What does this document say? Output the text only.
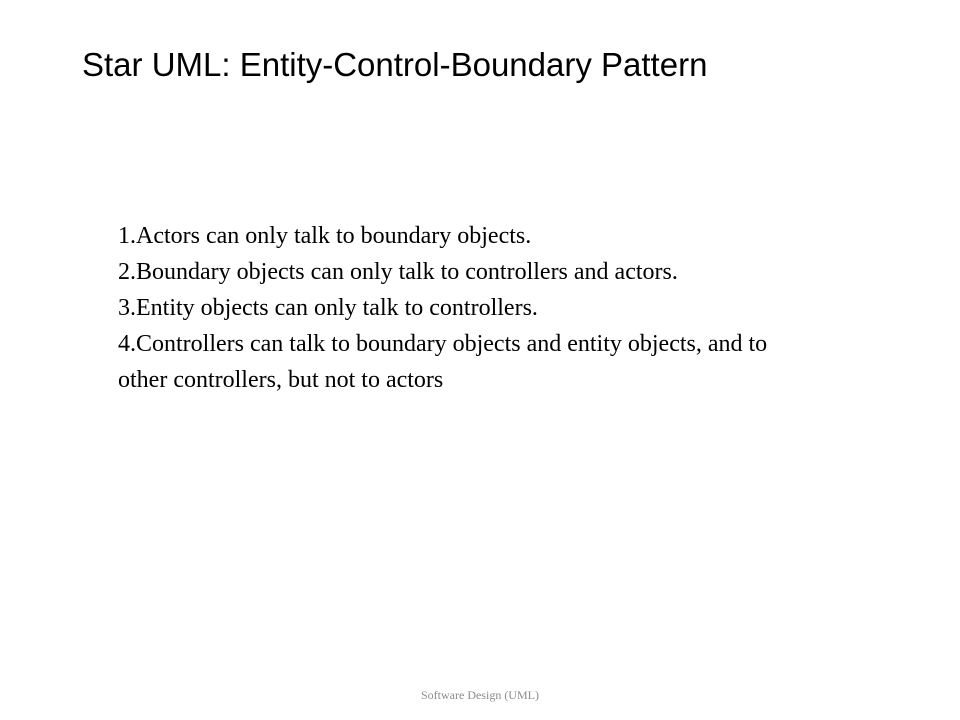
Star UML: Entity-Control-Boundary Pattern
1.Actors can only talk to boundary objects.
2.Boundary objects can only talk to controllers and actors.
3.Entity objects can only talk to controllers.
4.Controllers can talk to boundary objects and entity objects, and to other controllers, but not to actors
Software Design (UML)
